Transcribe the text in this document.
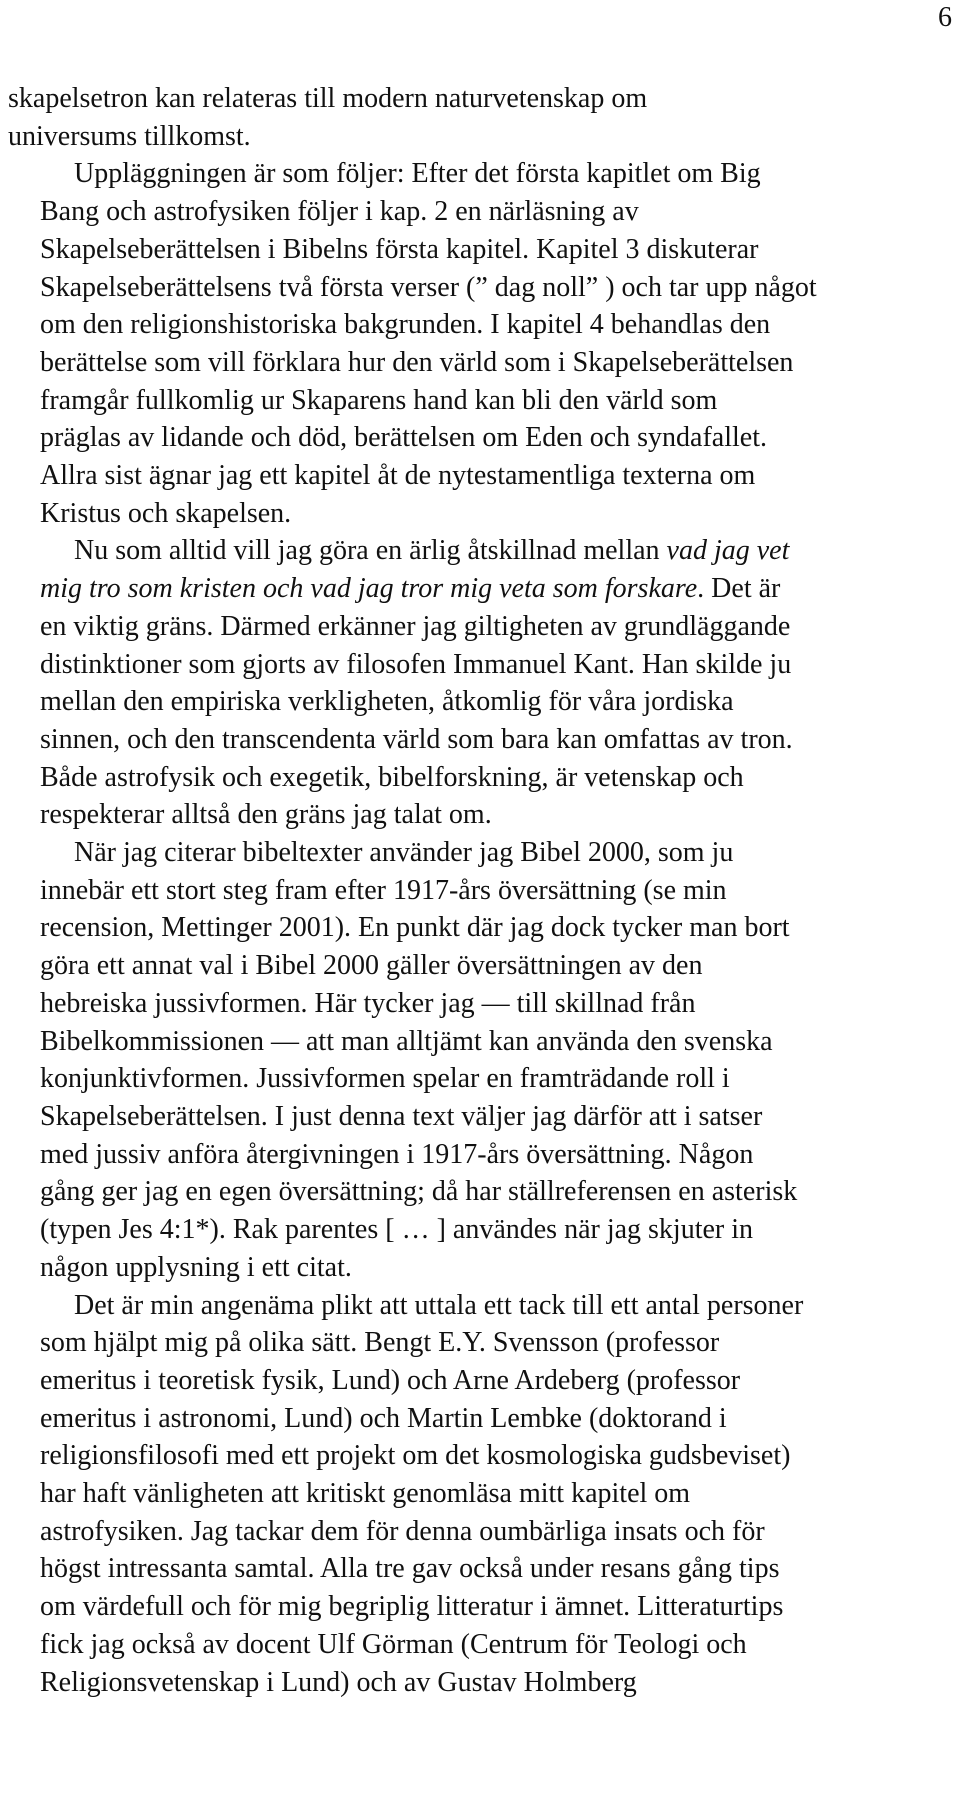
6
skapelsetron kan relateras till modern naturvetenskap om
universums tillkomst.
Uppläggningen är som följer: Efter det första kapitlet om Big
Bang och astrofysiken följer i kap. 2 en närläsning av
Skapelseberättelsen i Bibelns första kapitel. Kapitel 3 diskuterar
Skapelseberättelsens två första verser (” dag noll” ) och tar upp något
om den religionshistoriska bakgrunden. I kapitel 4 behandlas den
berättelse som vill förklara hur den värld som i Skapelseberättelsen
framgår fullkomlig ur Skaparens hand kan bli den värld som
präglas av lidande och död, berättelsen om Eden och syndafallet.
Allra sist ägnar jag ett kapitel åt de nytestamentliga texterna om
Kristus och skapelsen.
Nu som alltid vill jag göra en ärlig åtskillnad mellan vad jag vet
mig tro som kristen och vad jag tror mig veta som forskare. Det är
en viktig gräns. Därmed erkänner jag giltigheten av grundläggande
distinktioner som gjorts av filosofen Immanuel Kant. Han skilde ju
mellan den empiriska verkligheten, åtkomlig för våra jordiska
sinnen, och den transcendenta värld som bara kan omfattas av tron.
Både astrofysik och exegetik, bibelforskning, är vetenskap och
respekterar alltså den gräns jag talat om.
När jag citerar bibeltexter använder jag Bibel 2000, som ju
innebär ett stort steg fram efter 1917-års översättning (se min
recension, Mettinger 2001). En punkt där jag dock tycker man bort
göra ett annat val i Bibel 2000 gäller översättningen av den
hebreiska jussivformen. Här tycker jag — till skillnad från
Bibelkommissionen — att man alltjämt kan använda den svenska
konjunktivformen. Jussivformen spelar en framträdande roll i
Skapelseberättelsen. I just denna text väljer jag därför att i satser
med jussiv anföra återgivningen i 1917-års översättning. Någon
gång ger jag en egen översättning; då har ställreferensen en asterisk
(typen Jes 4:1*). Rak parentes [ … ] användes när jag skjuter in
någon upplysning i ett citat.
Det är min angenäma plikt att uttala ett tack till ett antal personer
som hjälpt mig på olika sätt. Bengt E.Y. Svensson (professor
emeritus i teoretisk fysik, Lund) och Arne Ardeberg (professor
emeritus i astronomi, Lund) och Martin Lembke (doktorand i
religionsfilosofi med ett projekt om det kosmologiska gudsbeviset)
har haft vänligheten att kritiskt genomläsa mitt kapitel om
astrofysiken. Jag tackar dem för denna oumbärliga insats och för
högst intressanta samtal. Alla tre gav också under resans gång tips
om värdefull och för mig begriplig litteratur i ämnet. Litteraturtips
fick jag också av docent Ulf Görman (Centrum för Teologi och
Religionsvetenskap i Lund) och av Gustav Holmberg
